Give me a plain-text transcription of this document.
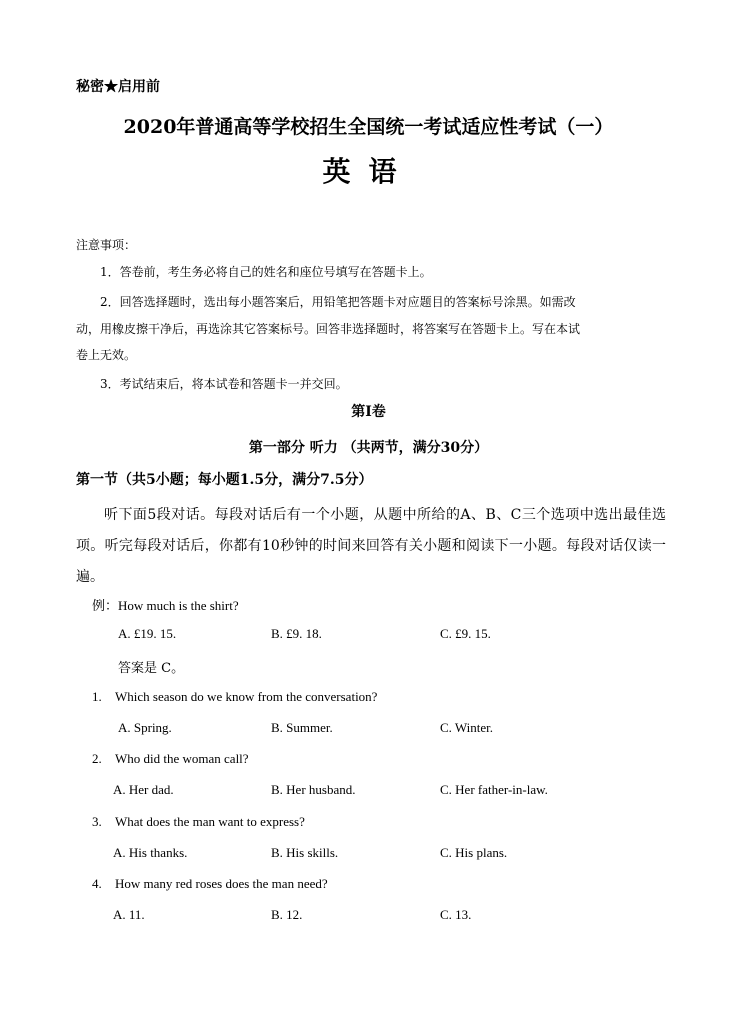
秘密★启用前
2020年普通高等学校招生全国统一考试适应性考试（一）
英语
注意事项：
1．答卷前，考生务必将自己的姓名和座位号填写在答题卡上。
2．回答选择题时，选出每小题答案后，用铅笔把答题卡对应题目的答案标号涂黑。如需改
动，用橡皮擦干净后，再选涂其它答案标号。回答非选择题时，将答案写在答题卡上。写在本试
卷上无效。
3．考试结束后，将本试卷和答题卡一并交回。
第Ⅰ卷
第一部分 听力 （共两节，满分30分）
第一节（共5小题；每小题1.5分，满分7.5分）
听下面5段对话。每段对话后有一个小题，从题中所给的A、B、C三个选项中选出最佳选项。听完每段对话后，你都有10秒钟的时间来回答有关小题和阅读下一小题。每段对话仅读一遍。
例：How much is the shirt?
A. £19. 15.	B. £9. 18.	C. £9. 15.
答案是 C。
1. Which season do we know from the conversation?
A. Spring.	B. Summer.	C. Winter.
2. Who did the woman call?
A. Her dad.	B. Her husband.	C. Her father-in-law.
3. What does the man want to express?
A. His thanks.	B. His skills.	C. His plans.
4. How many red roses does the man need?
A. 11.	B. 12.	C. 13.
